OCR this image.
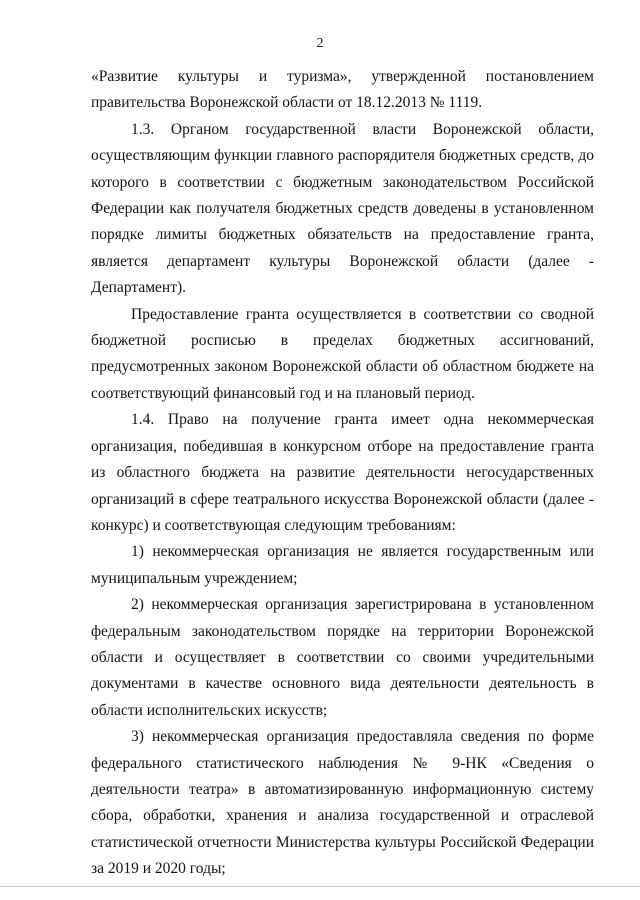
2

«Развитие культуры и туризма», утвержденной постановлением правительства Воронежской области от 18.12.2013 № 1119.

1.3. Органом государственной власти Воронежской области, осуществляющим функции главного распорядителя бюджетных средств, до которого в соответствии с бюджетным законодательством Российской Федерации как получателя бюджетных средств доведены в установленном порядке лимиты бюджетных обязательств на предоставление гранта, является департамент культуры Воронежской области (далее - Департамент).

Предоставление гранта осуществляется в соответствии со сводной бюджетной росписью в пределах бюджетных ассигнований, предусмотренных законом Воронежской области об областном бюджете на соответствующий финансовый год и на плановый период.

1.4. Право на получение гранта имеет одна некоммерческая организация, победившая в конкурсном отборе на предоставление гранта из областного бюджета на развитие деятельности негосударственных организаций в сфере театрального искусства Воронежской области (далее - конкурс) и соответствующая следующим требованиям:

1) некоммерческая организация не является государственным или муниципальным учреждением;

2) некоммерческая организация зарегистрирована в установленном федеральным законодательством порядке на территории Воронежской области и осуществляет в соответствии со своими учредительными документами в качестве основного вида деятельности деятельность в области исполнительских искусств;

3) некоммерческая организация предоставляла сведения по форме федерального статистического наблюдения № 9-НК «Сведения о деятельности театра» в автоматизированную информационную систему сбора, обработки, хранения и анализа государственной и отраслевой статистической отчетности Министерства культуры Российской Федерации за 2019 и 2020 годы;
